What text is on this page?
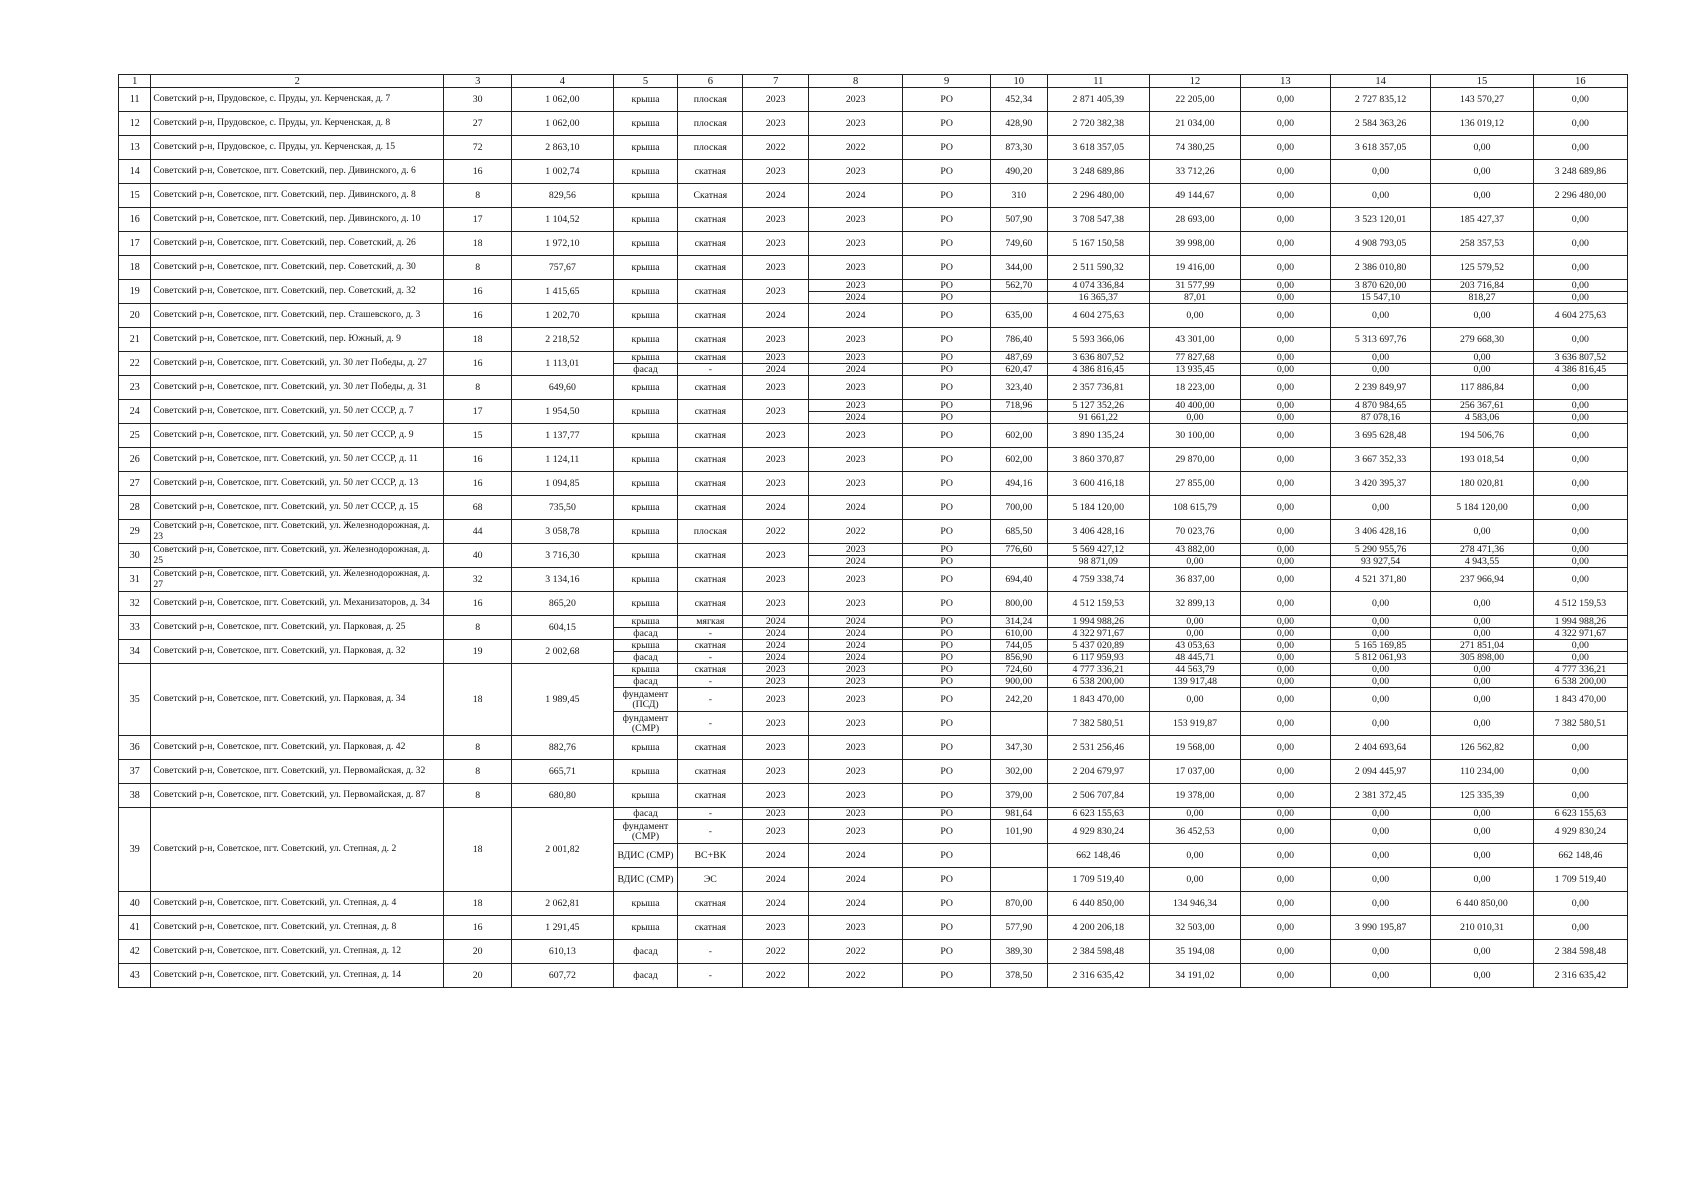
1	2	3	4	5	6	7	8	9	10	11	12	13	14	15	16
11	Советский р-н, Прудовское, с. Пруды, ул. Керченская, д. 7	30	1 062,00	крыша	плоская	2023	2023	РО	452,34	2 871 405,39	22 205,00	0,00	2 727 835,12	143 570,27	0,00
12	Советский р-н, Прудовское, с. Пруды, ул. Керченская, д. 8	27	1 062,00	крыша	плоская	2023	2023	РО	428,90	2 720 382,38	21 034,00	0,00	2 584 363,26	136 019,12	0,00
13	Советский р-н, Прудовское, с. Пруды, ул. Керченская, д. 15	72	2 863,10	крыша	плоская	2022	2022	РО	873,30	3 618 357,05	74 380,25	0,00	3 618 357,05	0,00	0,00
14	Советский р-н, Советское, пгт. Советский, пер. Дивинского, д. 6	16	1 002,74	крыша	скатная	2023	2023	РО	490,20	3 248 689,86	33 712,26	0,00	0,00	0,00	3 248 689,86
15	Советский р-н, Советское, пгт. Советский, пер. Дивинского, д. 8	8	829,56	крыша	Скатная	2024	2024	РО	310	2 296 480,00	49 144,67	0,00	0,00	0,00	2 296 480,00
16	Советский р-н, Советское, пгт. Советский, пер. Дивинского, д. 10	17	1 104,52	крыша	скатная	2023	2023	РО	507,90	3 708 547,38	28 693,00	0,00	3 523 120,01	185 427,37	0,00
17	Советский р-н, Советское, пгт. Советский, пер. Советский, д. 26	18	1 972,10	крыша	скатная	2023	2023	РО	749,60	5 167 150,58	39 998,00	0,00	4 908 793,05	258 357,53	0,00
18	Советский р-н, Советское, пгт. Советский, пер. Советский, д. 30	8	757,67	крыша	скатная	2023	2023	РО	344,00	2 511 590,32	19 416,00	0,00	2 386 010,80	125 579,52	0,00
19	Советский р-н, Советское, пгт. Советский, пер. Советский, д. 32	16	1 415,65	крыша	скатная	2023	2023	РО	562,70	4 074 336,84	31 577,99	0,00	3 870 620,00	203 716,84	0,00
							2024	РО		16 365,37	87,01	0,00	15 547,10	818,27	0,00
20	Советский р-н, Советское, пгт. Советский, пер. Сташевского, д. 3	16	1 202,70	крыша	скатная	2024	2024	РО	635,00	4 604 275,63	0,00	0,00	0,00	0,00	4 604 275,63
21	Советский р-н, Советское, пгт. Советский, пер. Южный, д. 9	18	2 218,52	крыша	скатная	2023	2023	РО	786,40	5 593 366,06	43 301,00	0,00	5 313 697,76	279 668,30	0,00
22	Советский р-н, Советское, пгт. Советский, ул. 30 лет Победы, д. 27	16	1 113,01	крыша	скатная	2023	2023	РО	487,69	3 636 807,52	77 827,68	0,00	0,00	0,00	3 636 807,52
				фасад	-	2024	2024	РО	620,47	4 386 816,45	13 935,45	0,00	0,00	0,00	4 386 816,45
23	Советский р-н, Советское, пгт. Советский, ул. 30 лет Победы, д. 31	8	649,60	крыша	скатная	2023	2023	РО	323,40	2 357 736,81	18 223,00	0,00	2 239 849,97	117 886,84	0,00
24	Советский р-н, Советское, пгт. Советский, ул. 50 лет СССР, д. 7	17	1 954,50	крыша	скатная	2023	2023	РО	718,96	5 127 352,26	40 400,00	0,00	4 870 984,65	256 367,61	0,00
							2024	РО		91 661,22	0,00	0,00	87 078,16	4 583,06	0,00
25	Советский р-н, Советское, пгт. Советский, ул. 50 лет СССР, д. 9	15	1 137,77	крыша	скатная	2023	2023	РО	602,00	3 890 135,24	30 100,00	0,00	3 695 628,48	194 506,76	0,00
26	Советский р-н, Советское, пгт. Советский, ул. 50 лет СССР, д. 11	16	1 124,11	крыша	скатная	2023	2023	РО	602,00	3 860 370,87	29 870,00	0,00	3 667 352,33	193 018,54	0,00
27	Советский р-н, Советское, пгт. Советский, ул. 50 лет СССР, д. 13	16	1 094,85	крыша	скатная	2023	2023	РО	494,16	3 600 416,18	27 855,00	0,00	3 420 395,37	180 020,81	0,00
28	Советский р-н, Советское, пгт. Советский, ул. 50 лет СССР, д. 15	68	735,50	крыша	скатная	2024	2024	РО	700,00	5 184 120,00	108 615,79	0,00	0,00	5 184 120,00	0,00
29	Советский р-н, Советское, пгт. Советский, ул. Железнодорожная, д. 23	44	3 058,78	крыша	плоская	2022	2022	РО	685,50	3 406 428,16	70 023,76	0,00	3 406 428,16	0,00	0,00
30	Советский р-н, Советское, пгт. Советский, ул. Железнодорожная, д. 25	40	3 716,30	крыша	скатная	2023	2023	РО	776,60	5 569 427,12	43 882,00	0,00	5 290 955,76	278 471,36	0,00
							2024	РО		98 871,09	0,00	0,00	93 927,54	4 943,55	0,00
31	Советский р-н, Советское, пгт. Советский, ул. Железнодорожная, д. 27	32	3 134,16	крыша	скатная	2023	2023	РО	694,40	4 759 338,74	36 837,00	0,00	4 521 371,80	237 966,94	0,00
32	Советский р-н, Советское, пгт. Советский, ул. Механизаторов, д. 34	16	865,20	крыша	скатная	2023	2023	РО	800,00	4 512 159,53	32 899,13	0,00	0,00	0,00	4 512 159,53
33	Советский р-н, Советское, пгт. Советский, ул. Парковая, д. 25	8	604,15	крыша	мягкая	2024	2024	РО	314,24	1 994 988,26	0,00	0,00	0,00	0,00	1 994 988,26
				фасад	-	2024	2024	РО	610,00	4 322 971,67	0,00	0,00	0,00	0,00	4 322 971,67
34	Советский р-н, Советское, пгт. Советский, ул. Парковая, д. 32	19	2 002,68	крыша	скатная	2024	2024	РО	744,05	5 437 020,89	43 053,63	0,00	5 165 169,85	271 851,04	0,00
				фасад	-	2024	2024	РО	856,90	6 117 959,93	48 445,71	0,00	5 812 061,93	305 898,00	0,00
35	Советский р-н, Советское, пгт. Советский, ул. Парковая, д. 34	18	1 989,45	крыша	скатная	2023	2023	РО	724,60	4 777 336,21	44 563,79	0,00	0,00	0,00	4 777 336,21
				фасад	-	2023	2023	РО	900,00	6 538 200,00	139 917,48	0,00	0,00	0,00	6 538 200,00
				фундамент (ПСД)	-	2023	2023	РО	242,20	1 843 470,00	0,00	0,00	0,00	0,00	1 843 470,00
				фундамент (СМР)	-	2023	2023	РО		7 382 580,51	153 919,87	0,00	0,00	0,00	7 382 580,51
36	Советский р-н, Советское, пгт. Советский, ул. Парковая, д. 42	8	882,76	крыша	скатная	2023	2023	РО	347,30	2 531 256,46	19 568,00	0,00	2 404 693,64	126 562,82	0,00
37	Советский р-н, Советское, пгт. Советский, ул. Первомайская, д. 32	8	665,71	крыша	скатная	2023	2023	РО	302,00	2 204 679,97	17 037,00	0,00	2 094 445,97	110 234,00	0,00
38	Советский р-н, Советское, пгт. Советский, ул. Первомайская, д. 87	8	680,80	крыша	скатная	2023	2023	РО	379,00	2 506 707,84	19 378,00	0,00	2 381 372,45	125 335,39	0,00
39	Советский р-н, Советское, пгт. Советский, ул. Степная, д. 2	18	2 001,82	фасад	-	2023	2023	РО	981,64	6 623 155,63	0,00	0,00	0,00	0,00	6 623 155,63
				фундамент (СМР)	-	2023	2023	РО	101,90	4 929 830,24	36 452,53	0,00	0,00	0,00	4 929 830,24
				ВДИС (СМР)	ВС+ВК	2024	2024	РО		662 148,46	0,00	0,00	0,00	0,00	662 148,46
				ВДИС (СМР)	ЭС	2024	2024	РО		1 709 519,40	0,00	0,00	0,00	0,00	1 709 519,40
40	Советский р-н, Советское, пгт. Советский, ул. Степная, д. 4	18	2 062,81	крыша	скатная	2024	2024	РО	870,00	6 440 850,00	134 946,34	0,00	0,00	6 440 850,00	0,00
41	Советский р-н, Советское, пгт. Советский, ул. Степная, д. 8	16	1 291,45	крыша	скатная	2023	2023	РО	577,90	4 200 206,18	32 503,00	0,00	3 990 195,87	210 010,31	0,00
42	Советский р-н, Советское, пгт. Советский, ул. Степная, д. 12	20	610,13	фасад	-	2022	2022	РО	389,30	2 384 598,48	35 194,08	0,00	0,00	0,00	2 384 598,48
43	Советский р-н, Советское, пгт. Советский, ул. Степная, д. 14	20	607,72	фасад	-	2022	2022	РО	378,50	2 316 635,42	34 191,02	0,00	0,00	0,00	2 316 635,42
